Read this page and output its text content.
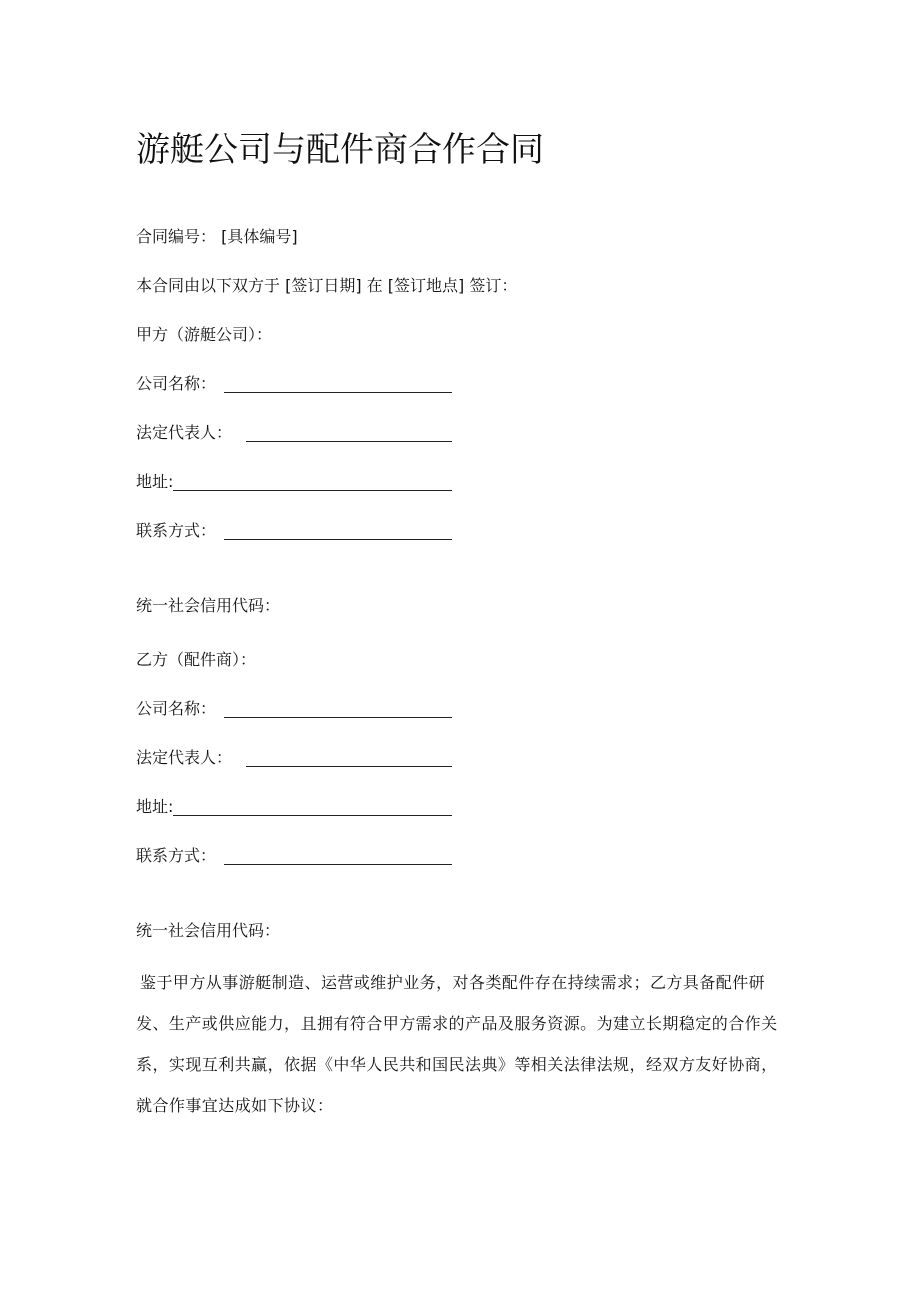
游艇公司与配件商合作合同
合同编号： [具体编号]
本合同由以下双方于 [签订日期] 在 [签订地点] 签订：
甲方（游艇公司）：
公司名称：
法定代表人：
地址:
联系方式：
统一社会信用代码：
乙方（配件商）：
公司名称：
法定代表人：
地址:
联系方式：
统一社会信用代码：

鉴于甲方从事游艇制造、运营或维护业务，对各类配件存在持续需求；乙方具备配件研发、生产或供应能力，且拥有符合甲方需求的产品及服务资源。为建立长期稳定的合作关系，实现互利共赢，依据《中华人民共和国民法典》等相关法律法规，经双方友好协商，就合作事宜达成如下协议：
